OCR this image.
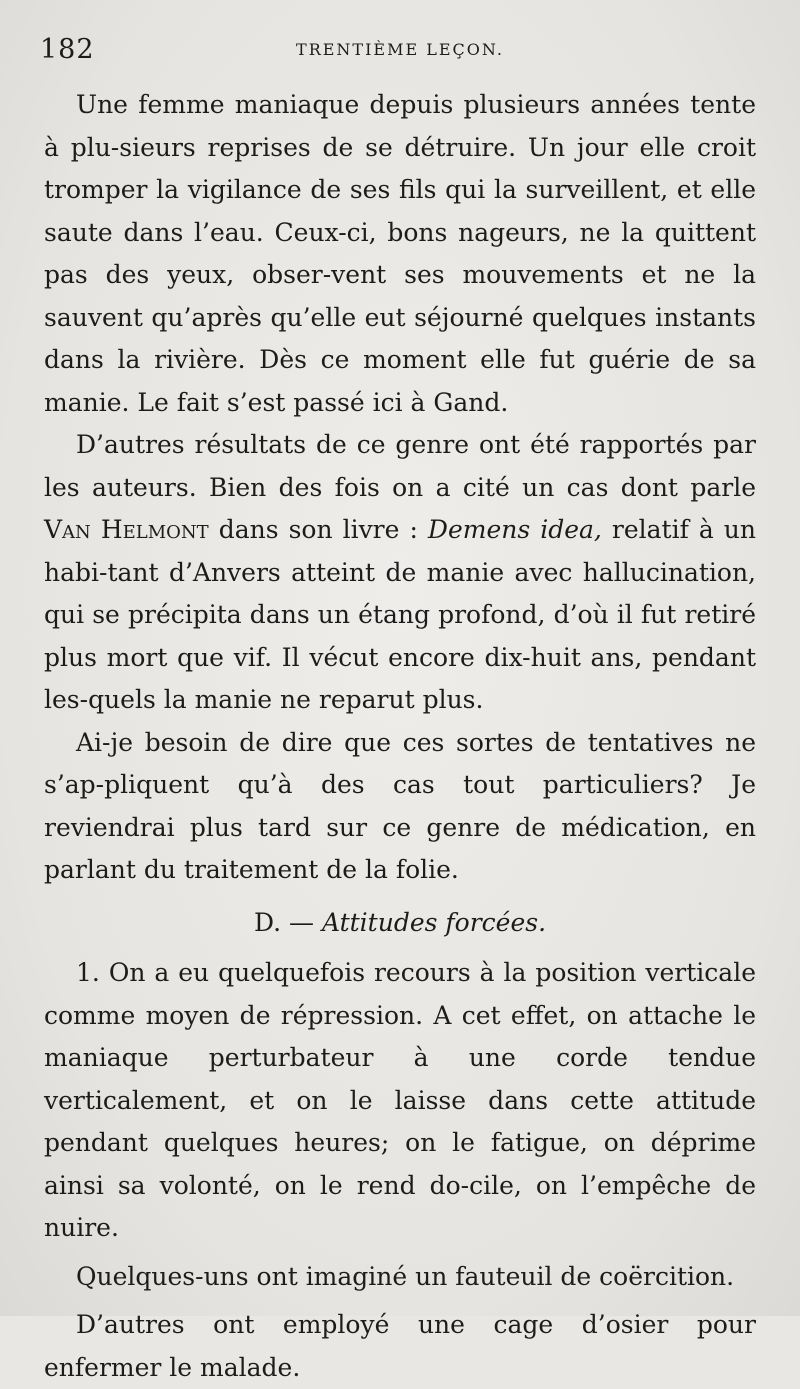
182	TRENTIÈME LEÇON.

Une femme maniaque depuis plusieurs années tente à plu-sieurs reprises de se détruire. Un jour elle croit tromper la vigilance de ses fils qui la surveillent, et elle saute dans l’eau. Ceux-ci, bons nageurs, ne la quittent pas des yeux, obser-vent ses mouvements et ne la sauvent qu’après qu’elle eut séjourné quelques instants dans la rivière. Dès ce moment elle fut guérie de sa manie. Le fait s’est passé ici à Gand.

D’autres résultats de ce genre ont été rapportés par les auteurs. Bien des fois on a cité un cas dont parle Van Helmont dans son livre : Demens idea, relatif à un habi-tant d’Anvers atteint de manie avec hallucination, qui se précipita dans un étang profond, d’où il fut retiré plus mort que vif. Il vécut encore dix-huit ans, pendant les-quels la manie ne reparut plus.

Ai-je besoin de dire que ces sortes de tentatives ne s’ap-pliquent qu’à des cas tout particuliers? Je reviendrai plus tard sur ce genre de médication, en parlant du traitement de la folie.

D. — Attitudes forcées.

1. On a eu quelquefois recours à la position verticale comme moyen de répression. A cet effet, on attache le maniaque perturbateur à une corde tendue verticalement, et on le laisse dans cette attitude pendant quelques heures; on le fatigue, on déprime ainsi sa volonté, on le rend do-cile, on l’empêche de nuire.

Quelques-uns ont imaginé un fauteuil de coërcition.

D’autres ont employé une cage d’osier pour enfermer le malade.
